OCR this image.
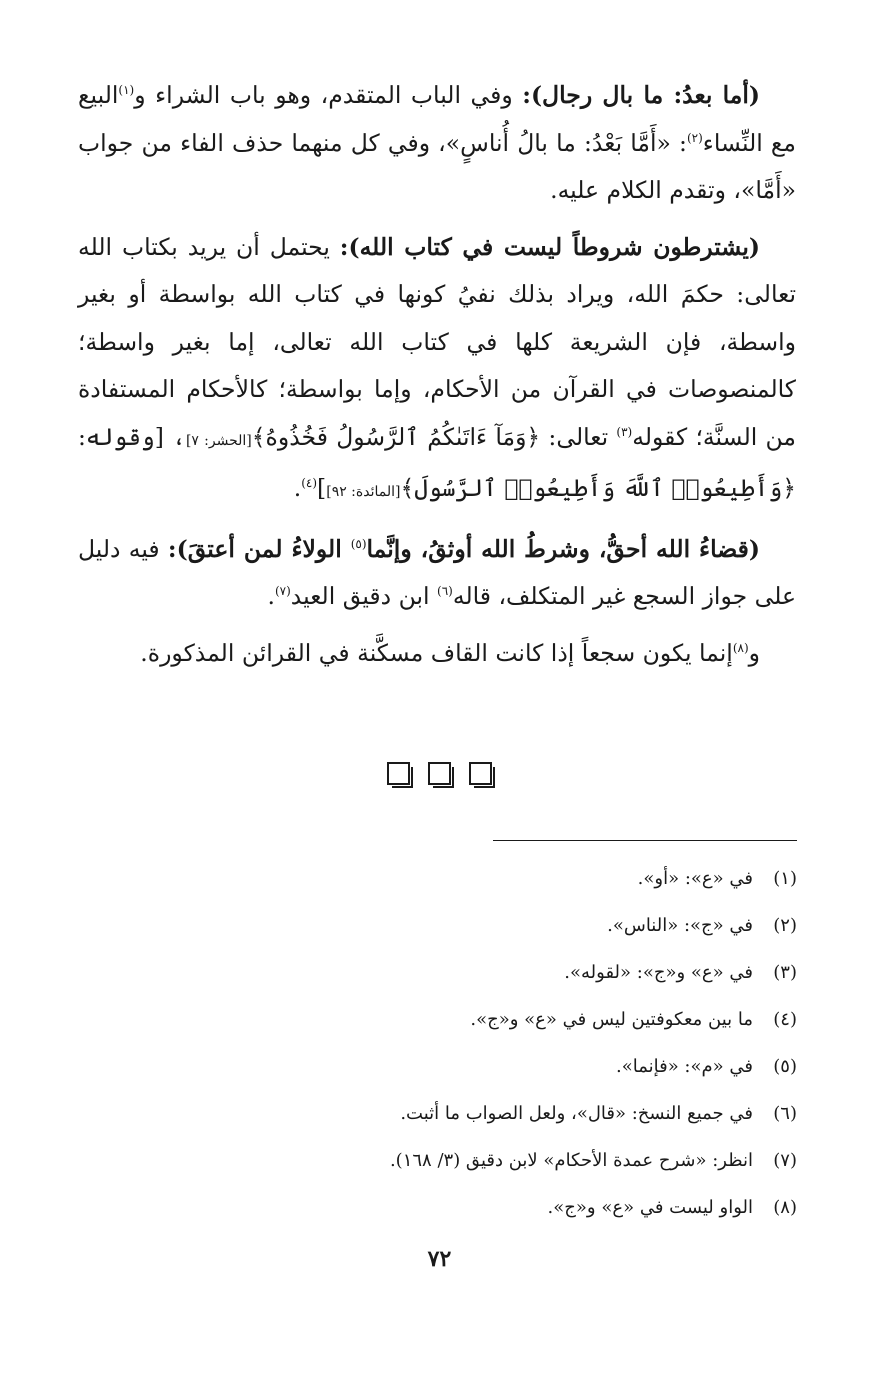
(أما بعدُ: ما بال رجال): وفي الباب المتقدم، وهو باب الشراء و$^{(١)}$البيع مع النِّساء$^{(٢)}$: «أَمَّا بَعْدُ: ما بالُ أُناسٍ»، وفي كل منهما حذف الفاء من جواب «أَمَّا»، وتقدم الكلام عليه.

(يشترطون شروطاً ليست في كتاب الله): يحتمل أن يريد بكتاب الله تعالى: حكمَ الله، ويراد بذلك نفيُ كونها في كتاب الله بواسطة أو بغير واسطة، فإن الشريعة كلها في كتاب الله تعالى، إما بغير واسطة؛ كالمنصوصات في القرآن من الأحكام، وإما بواسطة؛ كالأحكام المستفادة من السنَّة؛ كقوله$^{(٣)}$ تعالى: ﴿وَمَآ ءَاتَىٰكُمُ ٱلرَّسُولُ فَخُذُوهُ﴾[الحشر: ٧]، [وقوله: ﴿وَأَطِيعُوا۟ ٱللَّهَ وَأَطِيعُوا۟ ٱلرَّسُولَ﴾[المائدة: ٩٢]]$^{(٤)}$.

(قضاءُ الله أحقُّ، وشرطُ الله أوثقُ، وإنَّما$^{(٥)}$ الولاءُ لمن أعتقَ): فيه دليل على جواز السجع غير المتكلف، قاله$^{(٦)}$ ابن دقيق العيد$^{(٧)}$.

و$^{(٨)}$إنما يكون سجعاً إذا كانت القاف مسكَّنة في القرائن المذكورة.

(١)في «ع»: «أو».
(٢)في «ج»: «الناس».
(٣)في «ع» و«ج»: «لقوله».
(٤)ما بين معكوفتين ليس في «ع» و«ج».
(٥)في «م»: «فإنما».
(٦)في جميع النسخ: «قال»، ولعل الصواب ما أثبت.
(٧)انظر: «شرح عمدة الأحكام» لابن دقيق (٣/ ١٦٨).
(٨)الواو ليست في «ع» و«ج».
٧٢
